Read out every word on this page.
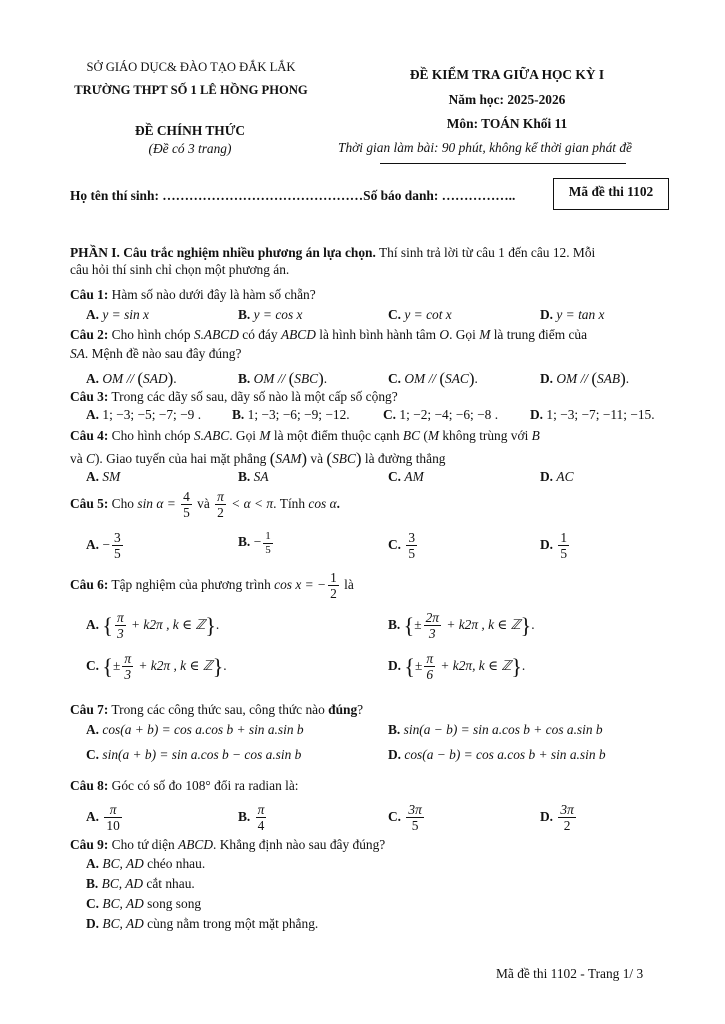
SỞ GIÁO DỤC& ĐÀO TẠO ĐẮK LẮK
TRƯỜNG THPT SỐ 1 LÊ HỒNG PHONG
ĐỀ CHÍNH THỨC
(Đề có 3 trang)
ĐỀ KIỂM TRA GIỮA HỌC KỲ I
Năm học: 2025-2026
Môn: TOÁN Khối 11
Thời gian làm bài: 90 phút, không kể thời gian phát đề
Họ tên thí sinh: ………………………………………Số báo danh: ……………..	Mã đề thi 1102
PHẦN I. Câu trắc nghiệm nhiều phương án lựa chọn. Thí sinh trả lời từ câu 1 đến câu 12. Mỗi
câu hỏi thí sinh chỉ chọn một phương án.
Câu 1: Hàm số nào dưới đây là hàm số chẵn?
A. y = sin x	B. y = cos x	C. y = cot x	D. y = tan x
Câu 2: Cho hình chóp S.ABCD có đáy ABCD là hình bình hành tâm O. Gọi M là trung điểm của
SA. Mệnh đề nào sau đây đúng?
A. OM // (SAD).	B. OM // (SBC).	C. OM // (SAC).	D. OM // (SAB).
Câu 3: Trong các dãy số sau, dãy số nào là một cấp số cộng?
A. 1; −3; −5; −7; −9 . B. 1; −3; −6; −9; −12. C. 1; −2; −4; −6; −8 . D. 1; −3; −7; −11; −15.
Câu 4: Cho hình chóp S.ABC. Gọi M là một điểm thuộc cạnh BC (M không trùng với B
và C). Giao tuyến của hai mặt phẳng (SAM) và (SBC) là đường thẳng
A. SM	B. SA	C. AM	D. AC
Câu 5: Cho $\sin \alpha = \frac{4}{5}$ và $\frac{\pi}{2} < \alpha < \pi$. Tính cos α.
A. − $\frac{3}{5}$	B. − $\frac{1}{5}$	C. $\frac{3}{5}$	D. $\frac{1}{5}$
Câu 6: Tập nghiệm của phương trình cos x = − $\frac{1}{2}$ là
A. { $\frac{\pi}{3} + k2\pi$ , k ∈ ℤ}.	B. {± $\frac{2\pi}{3} + k2\pi$ , k ∈ ℤ}.
C. {± $\frac{\pi}{3} + k2\pi$ , k ∈ ℤ}.	D. {± $\frac{\pi}{6} + k2\pi$, k ∈ ℤ}.
Câu 7: Trong các công thức sau, công thức nào đúng?
A. cos(a + b) = cos a.cos b + sin a.sin b	B. sin(a − b) = sin a.cos b + cos a.sin b
C. sin(a + b) = sin a.cos b − cos a.sin b	D. cos(a − b) = cos a.cos b + sin a.sin b
Câu 8: Góc có số đo 108° đổi ra radian là:
A. $\frac{\pi}{10}$	B. $\frac{\pi}{4}$	C. $\frac{3\pi}{5}$	D. $\frac{3\pi}{2}$
Câu 9: Cho tứ diện ABCD. Khẳng định nào sau đây đúng?
A. BC, AD chéo nhau.
B. BC, AD cắt nhau.
C. BC, AD song song
D. BC, AD cùng nằm trong một mặt phẳng.
Mã đề thi 1102 - Trang 1/ 3
